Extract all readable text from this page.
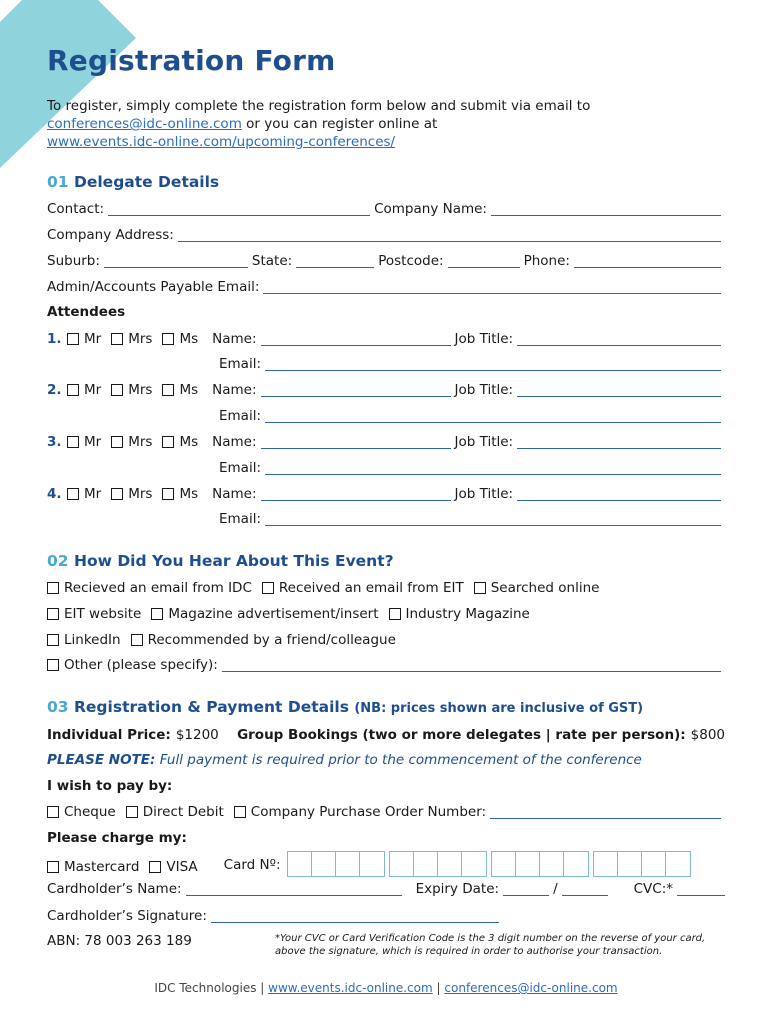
Registration Form
To register, simply complete the registration form below and submit via email to
conferences@idc-online.com or you can register online at
www.events.idc-online.com/upcoming-conferences/
01 Delegate Details
Contact:	Company Name:
Company Address:
Suburb:	State:	Postcode:	Phone:
Admin/Accounts Payable Email:
Attendees
1.	Mr Mrs Ms Name:	Job Title:
Email:
2.	Mr Mrs Ms Name:	Job Title:
Email:
3.	Mr Mrs Ms Name:	Job Title:
Email:
4.	Mr Mrs Ms Name:	Job Title:
Email:
02 How Did You Hear About This Event?
Recieved an email from IDC Received an email from EIT Searched online
EIT website Magazine advertisement/insert Industry Magazine
LinkedIn Recommended by a friend/colleague
Other (please specify):
03 Registration & Payment Details (NB: prices shown are inclusive of GST)
Individual Price: $1200 Group Bookings (two or more delegates | rate per person): $800
PLEASE NOTE: Full payment is required prior to the commencement of the conference
I wish to pay by:
Cheque Direct Debit Company Purchase Order Number:
Please charge my:
Mastercard VISA Card Nº:
Cardholder’s Name:	Expiry Date:	/	CVC:*
Cardholder’s Signature:
ABN: 78 003 263 189	*Your CVC or Card Verification Code is the 3 digit number on the reverse of your card, above the signature, which is required in order to authorise your transaction.
IDC Technologies | www.events.idc-online.com | conferences@idc-online.com
